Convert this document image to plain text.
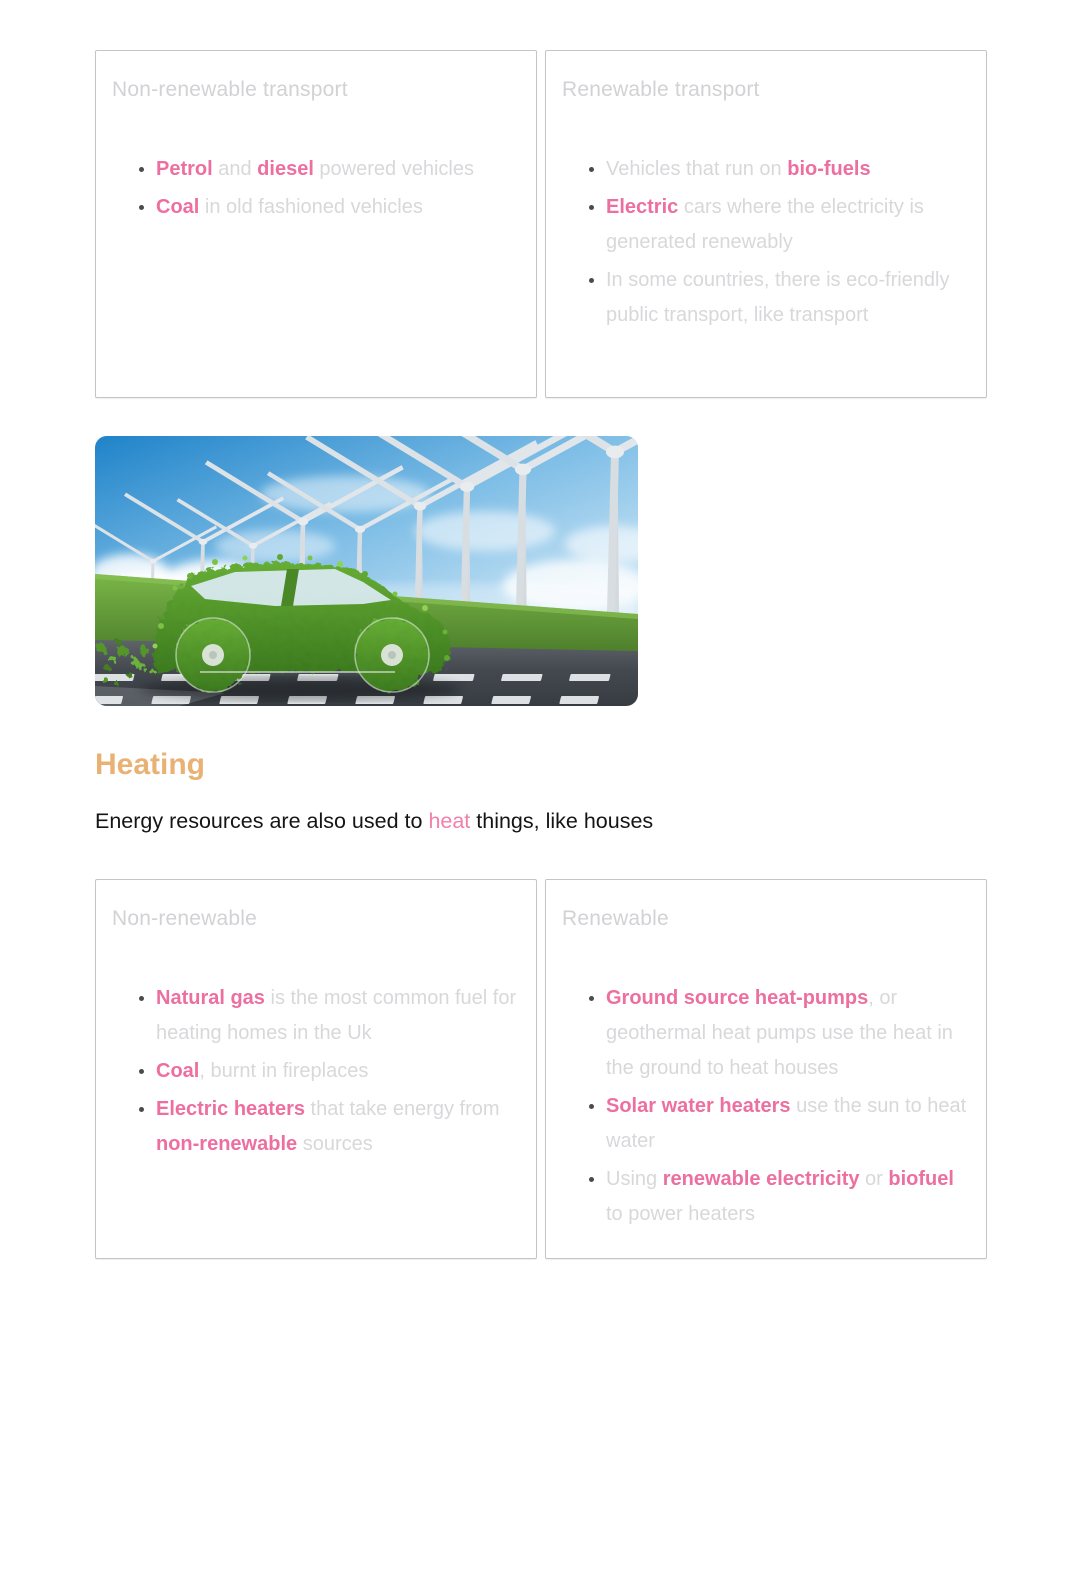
Non-renewable transport
• Petrol and diesel powered vehicles
• Coal in old fashioned vehicles
Renewable transport
• Vehicles that run on bio-fuels
• Electric cars where the electricity is generated renewably
• In some countries, there is eco-friendly public transport, like transport
Heating

Energy resources are also used to heat things, like houses

Non-renewable
• Natural gas is the most common fuel for heating homes in the Uk
• Coal, burnt in fireplaces
• Electric heaters that take energy from non-renewable sources
Renewable
• Ground source heat-pumps, or geothermal heat pumps use the heat in the ground to heat houses
• Solar water heaters use the sun to heat water
• Using renewable electricity or biofuel to power heaters
